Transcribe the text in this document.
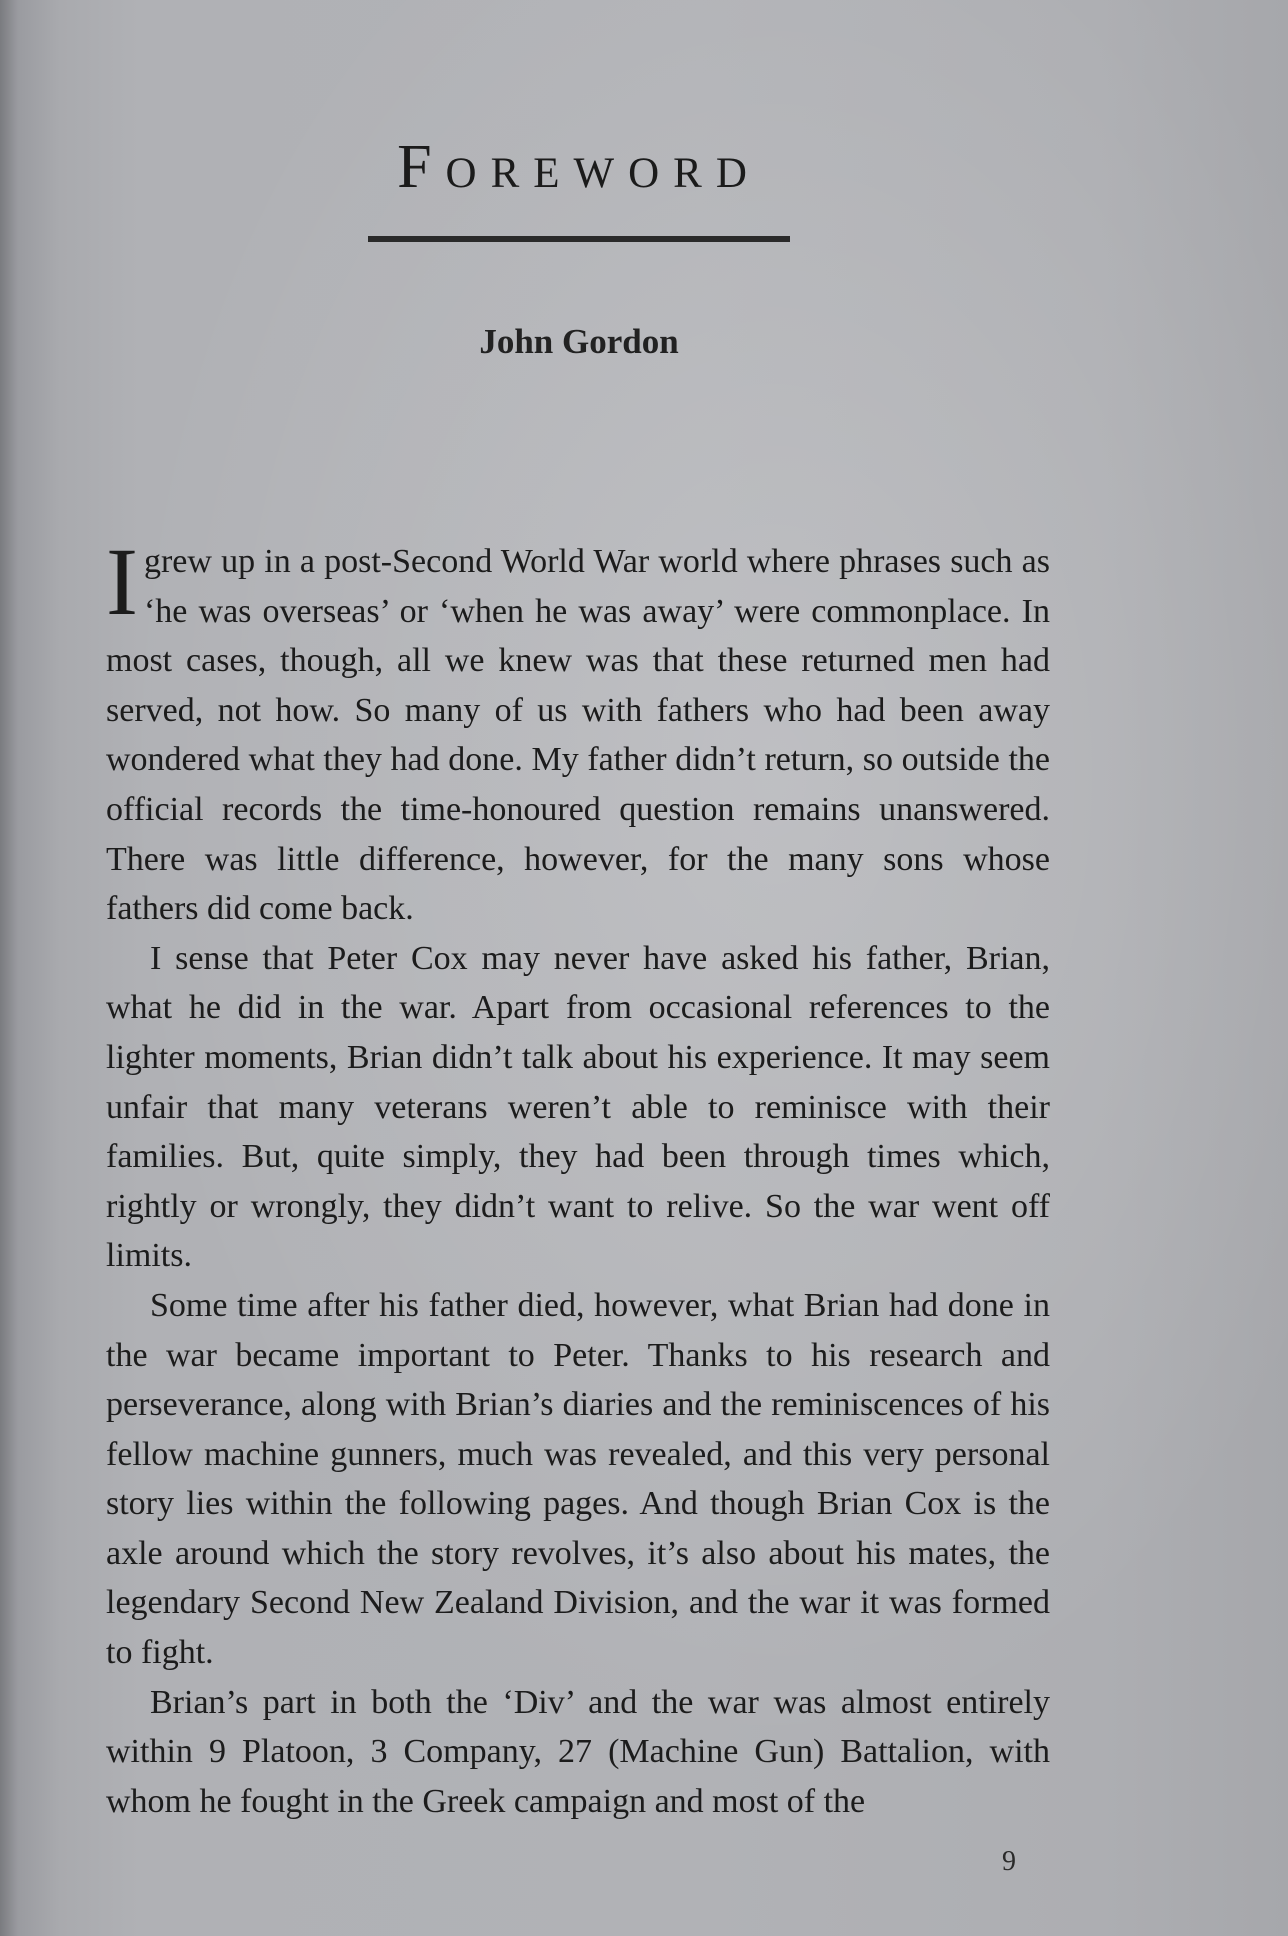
Foreword
John Gordon

Igrew up in a post-Second World War world where phrases such as ‘he was overseas’ or ‘when he was away’ were commonplace. In most cases, though, all we knew was that these returned men had served, not how. So many of us with fathers who had been away wondered what they had done. My father didn’t return, so outside the official records the time-honoured question remains unanswered. There was little difference, however, for the many sons whose fathers did come back.

I sense that Peter Cox may never have asked his father, Brian, what he did in the war. Apart from occasional references to the lighter moments, Brian didn’t talk about his experience. It may seem unfair that many veterans weren’t able to reminisce with their families. But, quite simply, they had been through times which, rightly or wrongly, they didn’t want to relive. So the war went off limits.

Some time after his father died, however, what Brian had done in the war became important to Peter. Thanks to his research and perseverance, along with Brian’s diaries and the reminiscences of his fellow machine gunners, much was revealed, and this very personal story lies within the following pages. And though Brian Cox is the axle around which the story revolves, it’s also about his mates, the legendary Second New Zealand Division, and the war it was formed to fight.

Brian’s part in both the ‘Div’ and the war was almost entirely within 9 Platoon, 3 Company, 27 (Machine Gun) Battalion, with whom he fought in the Greek campaign and most of the

9
